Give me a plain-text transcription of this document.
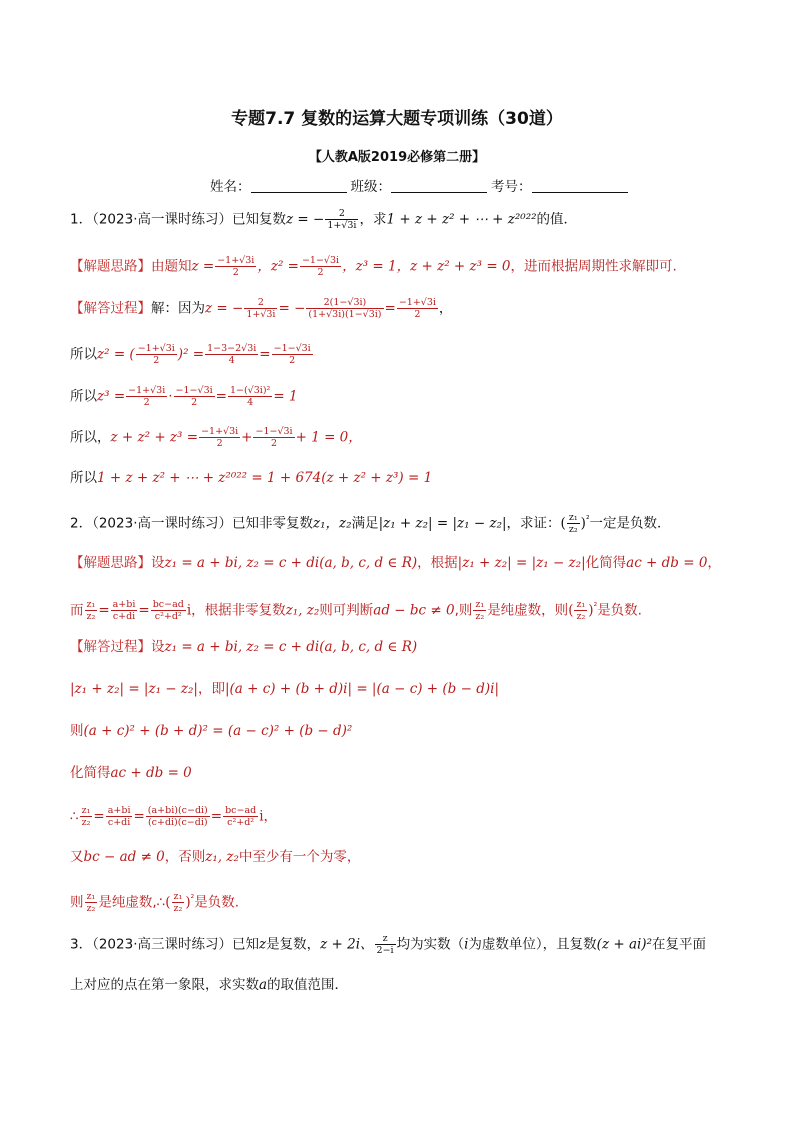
专题7.7 复数的运算大题专项训练（30道）
【人教A版2019必修第二册】
姓名：	班级：	考号：
1．（2023·高一课时练习）已知复数z = − $\frac{2}{1+√3i}$ ，求1 + z + z² + ⋯ + z²⁰²²的值．
【解题思路】由题知$z = \frac{-1+√3i}{2}$ ，$z^2 = \frac{-1-√3i}{2}$ ，z³ = 1，z + z² + z³ = 0，进而根据周期性求解即可.
【解答过程】解：因为z = − $\frac{2}{1+√3i}$ = − $\frac{2(1-√3i)}{(1+√3i)(1-√3i)} = \frac{-1+√3i}{2}$ ，
所以z² = ( $\frac{-1+√3i}{2} )^2 = \frac{1-3-2√3i}{4} = \frac{-1-√3i}{2}$
所以$z^3 = \frac{-1+√3i}{2} \cdot \frac{-1-√3i}{2} = \frac{\text{1−(√3i)²}}{4} = 1$
所以，$z + z^2 + z^3 = \frac{-1+√3i}{2} + \frac{-1-√3i}{2} + 1 = 0$，
所以1 + z + z² + ⋯ + z²⁰²² = 1 + 674(z + z² + z³) = 1
2．（2023·高一课时练习）已知非零复数z₁，z₂满足|z₁ + z₂| = |z₁ − z₂|，求证：( $\frac{\text{z₁}}{\text{z₂}} )^{^2}$一定是负数．
【解题思路】设z₁ = a + bi, z₂ = c + di(a, b, c, d ∈ R)，根据|z₁ + z₂| = |z₁ − z₂|化简得ac + db = 0，
而 $\frac{\text{z₁}}{\text{z₂}} = \frac{a+bi}{c+di} = \frac{bc-ad}{\text{c²+d²}}$ i，根据非零复数z₁, z₂则可判断ad − bc ≠ 0,则 $\frac{\text{z₁}}{\text{z₂}}$ 是纯虚数，则( $\frac{\text{z₁}}{\text{z₂}} )^{^2}$是负数.
【解答过程】设z₁ = a + bi, z₂ = c + di(a, b, c, d ∈ R)
|z₁ + z₂| = |z₁ − z₂|，即|(a + c) + (b + d)i| = |(a − c) + (b − d)i|
则(a + c)² + (b + d)² = (a − c)² + (b − d)²
化简得ac + db = 0
∴ $\frac{\text{z₁}}{\text{z₂}} = \frac{a+bi}{c+di} = \frac{(a+bi)(c-di)}{(c+di)(c-di)} = \frac{bc-ad}{\text{c²+d²}}$ i，
又bc − ad ≠ 0，否则z₁, z₂中至少有一个为零，
则 $\frac{\text{z₁}}{\text{z₂}}$ 是纯虚数,∴( $\frac{\text{z₁}}{\text{z₂}} )^{^2}$是负数.
3．（2023·高三课时练习）已知z是复数，z + 2i、 $\frac{z}{2-i}$ 均为实数（i为虚数单位），且复数(z + ai)²在复平面
上对应的点在第一象限，求实数a的取值范围．
